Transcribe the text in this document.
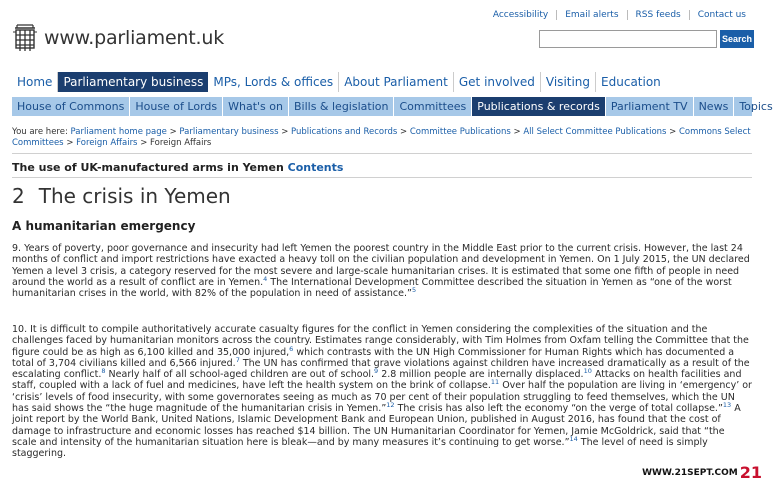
Accessibility	Email alerts	RSS feeds	Contact us
www.parliament.uk	Search
Home Parliamentary business MPs, Lords & offices About Parliament Get involved Visiting Education
House of Commons	House of Lords	What's on	Bills & legislation	Committees	Publications & records	Parliament TV	News	Topics
You are here: Parliament home page > Parliamentary business > Publications and Records > Committee Publications > All Select Committee Publications > Commons Select Committees > Foreign Affairs > Foreign Affairs
The use of UK-manufactured arms in Yemen Contents
2 The crisis in Yemen
A humanitarian emergency

9. Years of poverty, poor governance and insecurity had left Yemen the poorest country in the Middle East prior to the current crisis. However, the last 24 months of conflict and import restrictions have exacted a heavy toll on the civilian population and development in Yemen. On 1 July 2015, the UN declared Yemen a level 3 crisis, a category reserved for the most severe and large-scale humanitarian crises. It is estimated that some one fifth of people in need around the world as a result of conflict are in Yemen.$^4$ The International Development Committee described the situation in Yemen as “one of the worst humanitarian crises in the world, with 82% of the population in need of assistance.”$^5$

10. It is difficult to compile authoritatively accurate casualty figures for the conflict in Yemen considering the complexities of the situation and the challenges faced by humanitarian monitors across the country. Estimates range considerably, with Tim Holmes from Oxfam telling the Committee that the figure could be as high as 6,100 killed and 35,000 injured,$^6$ which contrasts with the UN High Commissioner for Human Rights which has documented a total of 3,704 civilians killed and 6,566 injured.$^7$ The UN has confirmed that grave violations against children have increased dramatically as a result of the escalating conflict.$^8$ Nearly half of all school-aged children are out of school.$^9$ 2.8 million people are internally displaced.$^{10}$ Attacks on health facilities and staff, coupled with a lack of fuel and medicines, have left the health system on the brink of collapse.$^{11}$ Over half the population are living in ‘emergency’ or ‘crisis’ levels of food insecurity, with some governorates seeing as much as 70 per cent of their population struggling to feed themselves, which the UN has said shows the “the huge magnitude of the humanitarian crisis in Yemen.”$^{12}$ The crisis has also left the economy “on the verge of total collapse.”$^{13}$ A joint report by the World Bank, United Nations, Islamic Development Bank and European Union, published in August 2016, has found that the cost of damage to infrastructure and economic losses has reached $14 billion. The UN Humanitarian Coordinator for Yemen, Jamie McGoldrick, said that “the scale and intensity of the humanitarian situation here is bleak—and by many measures it’s continuing to get worse.”$^{14}$ The level of need is simply staggering.

WWW.21SEPT.COM 21
